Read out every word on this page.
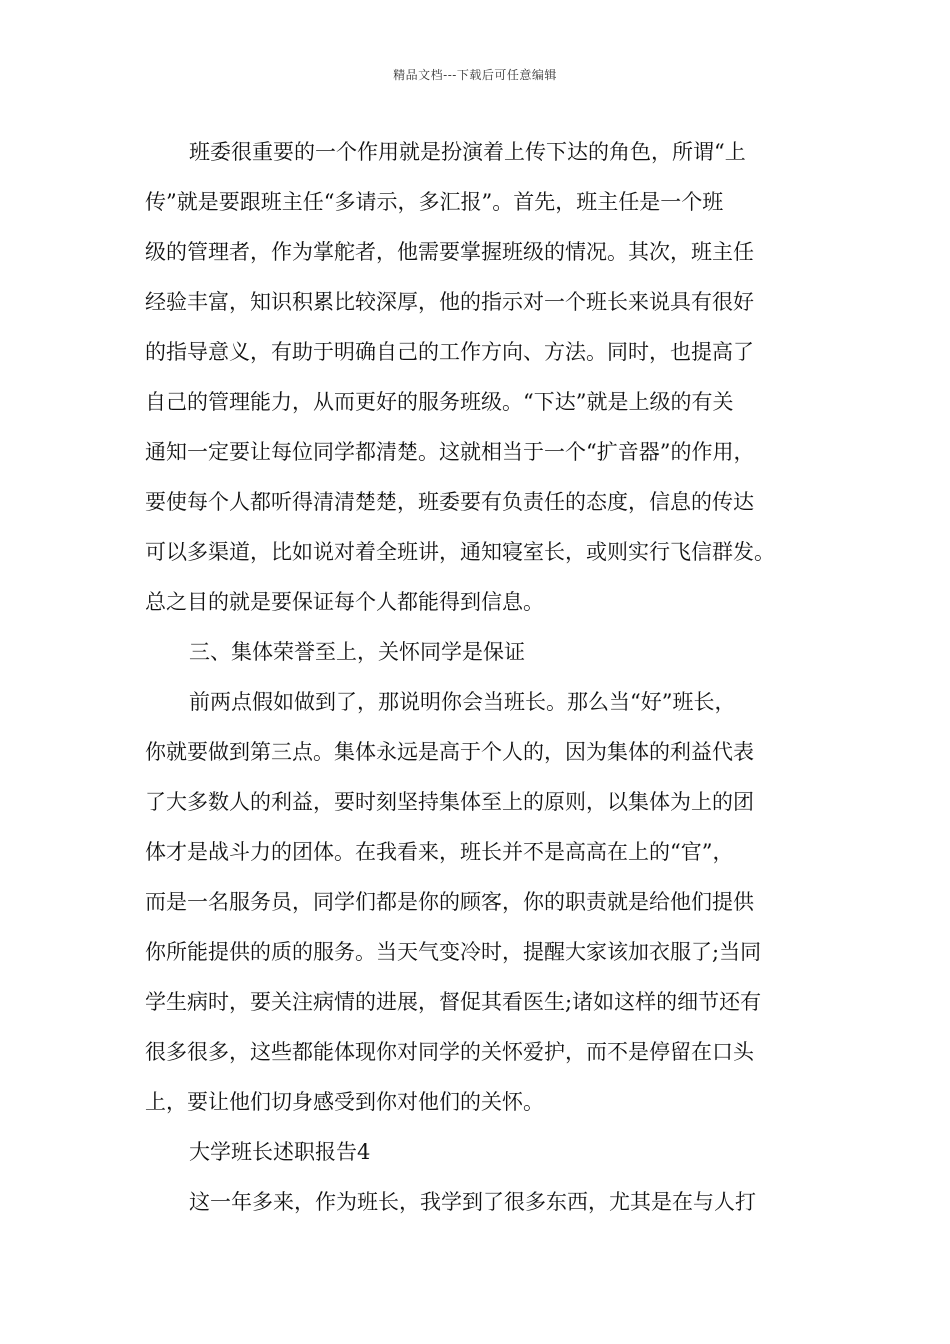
精品文档---下载后可任意编辑
班委很重要的一个作用就是扮演着上传下达的角色，所谓“上
传”就是要跟班主任“多请示，多汇报”。首先，班主任是一个班
级的管理者，作为掌舵者，他需要掌握班级的情况。其次，班主任
经验丰富，知识积累比较深厚，他的指示对一个班长来说具有很好
的指导意义，有助于明确自己的工作方向、方法。同时，也提高了
自己的管理能力，从而更好的服务班级。“下达”就是上级的有关
通知一定要让每位同学都清楚。这就相当于一个“扩音器”的作用，
要使每个人都听得清清楚楚，班委要有负责任的态度，信息的传达
可以多渠道，比如说对着全班讲，通知寝室长，或则实行飞信群发。
总之目的就是要保证每个人都能得到信息。
三、集体荣誉至上，关怀同学是保证
前两点假如做到了，那说明你会当班长。那么当“好”班长，
你就要做到第三点。集体永远是高于个人的，因为集体的利益代表
了大多数人的利益，要时刻坚持集体至上的原则，以集体为上的团
体才是战斗力的团体。在我看来，班长并不是高高在上的“官”，
而是一名服务员，同学们都是你的顾客，你的职责就是给他们提供
你所能提供的质的服务。当天气变冷时，提醒大家该加衣服了;当同
学生病时，要关注病情的进展，督促其看医生;诸如这样的细节还有
很多很多，这些都能体现你对同学的关怀爱护，而不是停留在口头
上，要让他们切身感受到你对他们的关怀。
大学班长述职报告4
这一年多来，作为班长，我学到了很多东西，尤其是在与人打
